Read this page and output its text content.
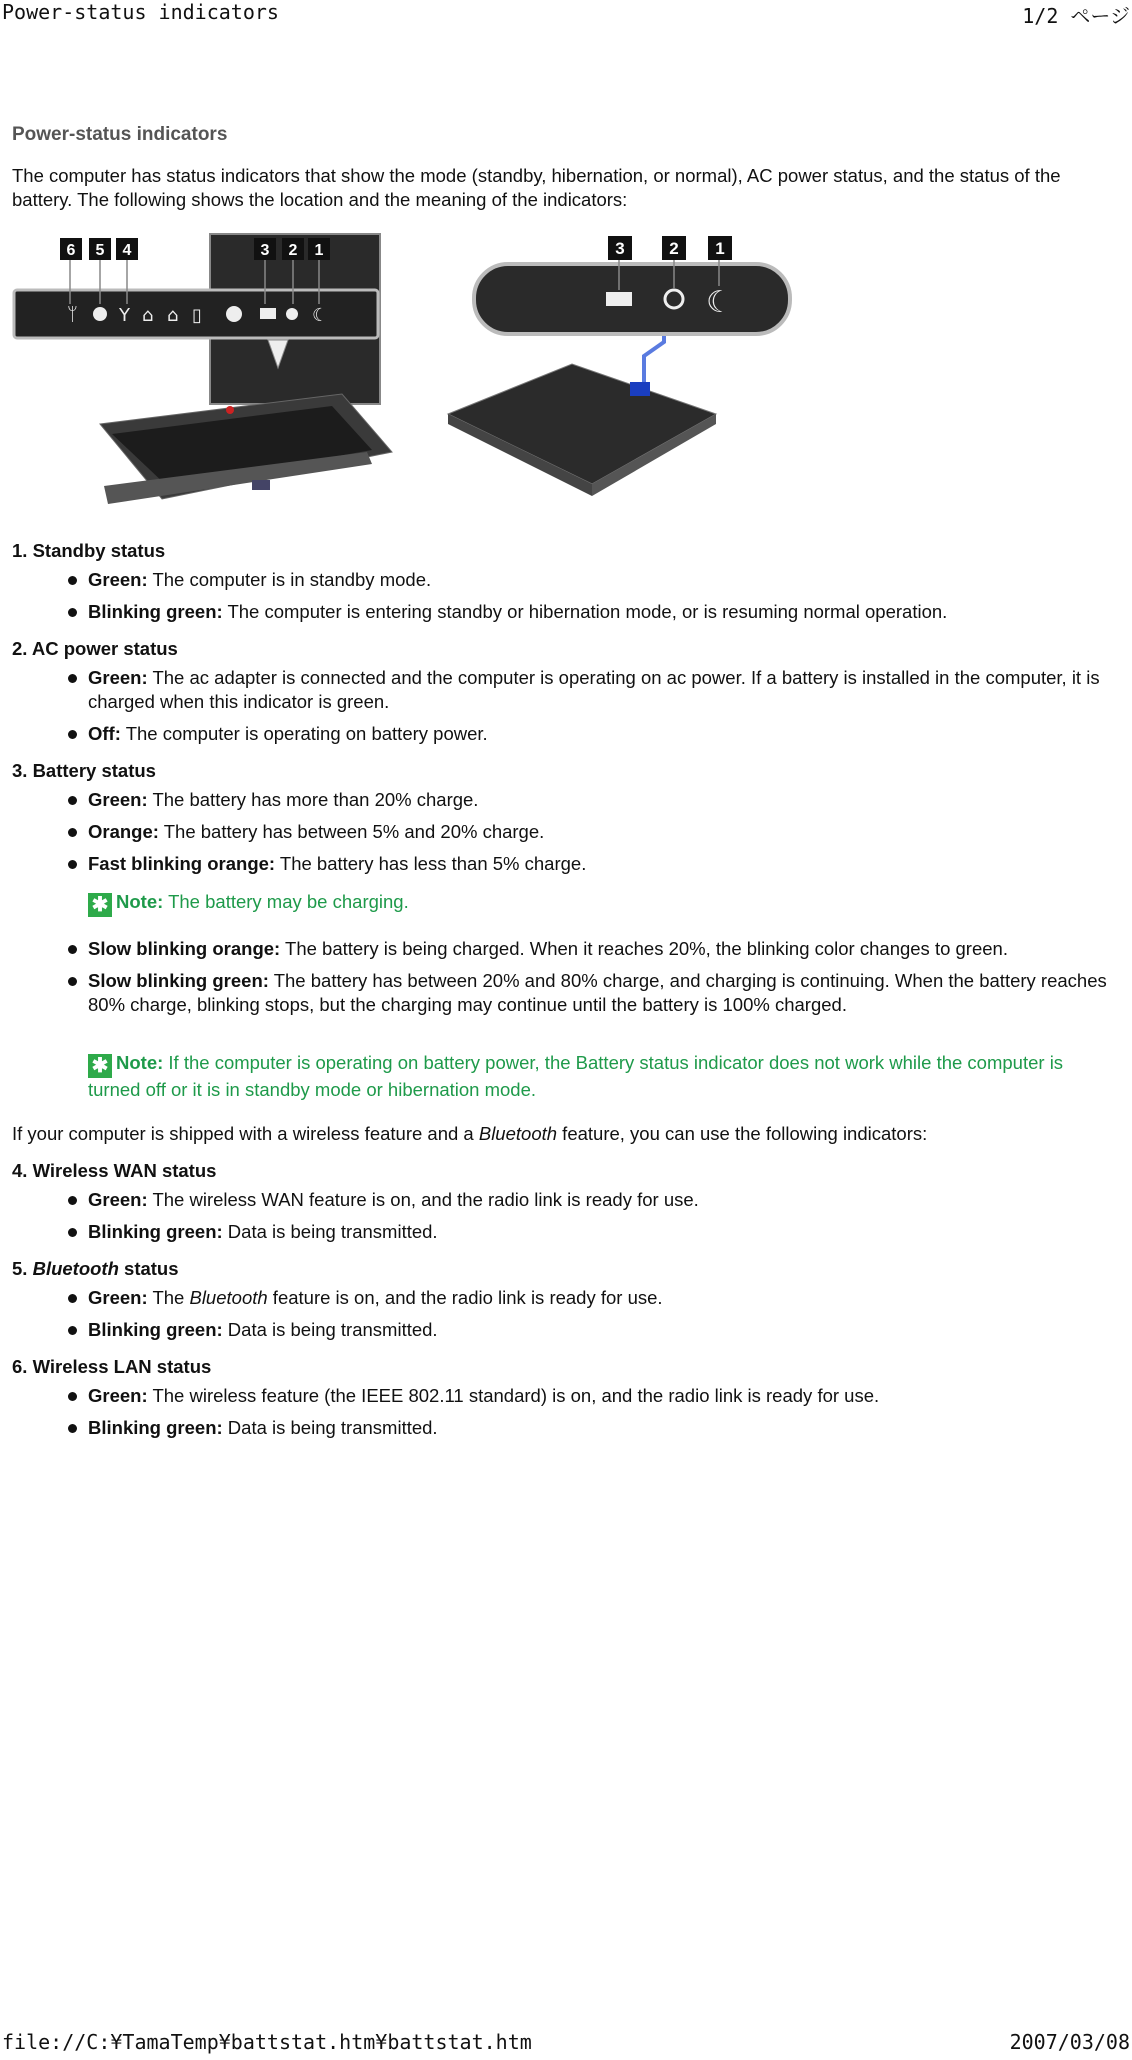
Power-status indicators	1/2 ページ
Power-status indicators

The computer has status indicators that show the mode (standby, hibernation, or normal), AC power status, and the status of the battery. The following shows the location and the meaning of the indicators:

ᛘ Y ⌂ ⌂ ▯	☾
6 5 4	3 2 1
☾
3	2 1
1. Standby status
Green: The computer is in standby mode.
Blinking green: The computer is entering standby or hibernation mode, or is resuming normal operation.
2. AC power status
Green: The ac adapter is connected and the computer is operating on ac power. If a battery is installed in the computer, it is charged when this indicator is green.
Off: The computer is operating on battery power.
3. Battery status
Green: The battery has more than 20% charge.
Orange: The battery has between 5% and 20% charge.
Fast blinking orange: The battery has less than 5% charge.
✱ Note: The battery may be charging.
Slow blinking orange: The battery is being charged. When it reaches 20%, the blinking color changes to green.
Slow blinking green: The battery has between 20% and 80% charge, and charging is continuing. When the battery reaches 80% charge, blinking stops, but the charging may continue until the battery is 100% charged.
✱ Note: If the computer is operating on battery power, the Battery status indicator does not work while the computer is turned off or it is in standby mode or hibernation mode.

If your computer is shipped with a wireless feature and a Bluetooth feature, you can use the following indicators:

4. Wireless WAN status
Green: The wireless WAN feature is on, and the radio link is ready for use.
Blinking green: Data is being transmitted.
5. Bluetooth status
Green: The Bluetooth feature is on, and the radio link is ready for use.
Blinking green: Data is being transmitted.
6. Wireless LAN status
Green: The wireless feature (the IEEE 802.11 standard) is on, and the radio link is ready for use.
Blinking green: Data is being transmitted.
file://C:¥TamaTemp¥battstat.htm¥battstat.htm	2007/03/08
